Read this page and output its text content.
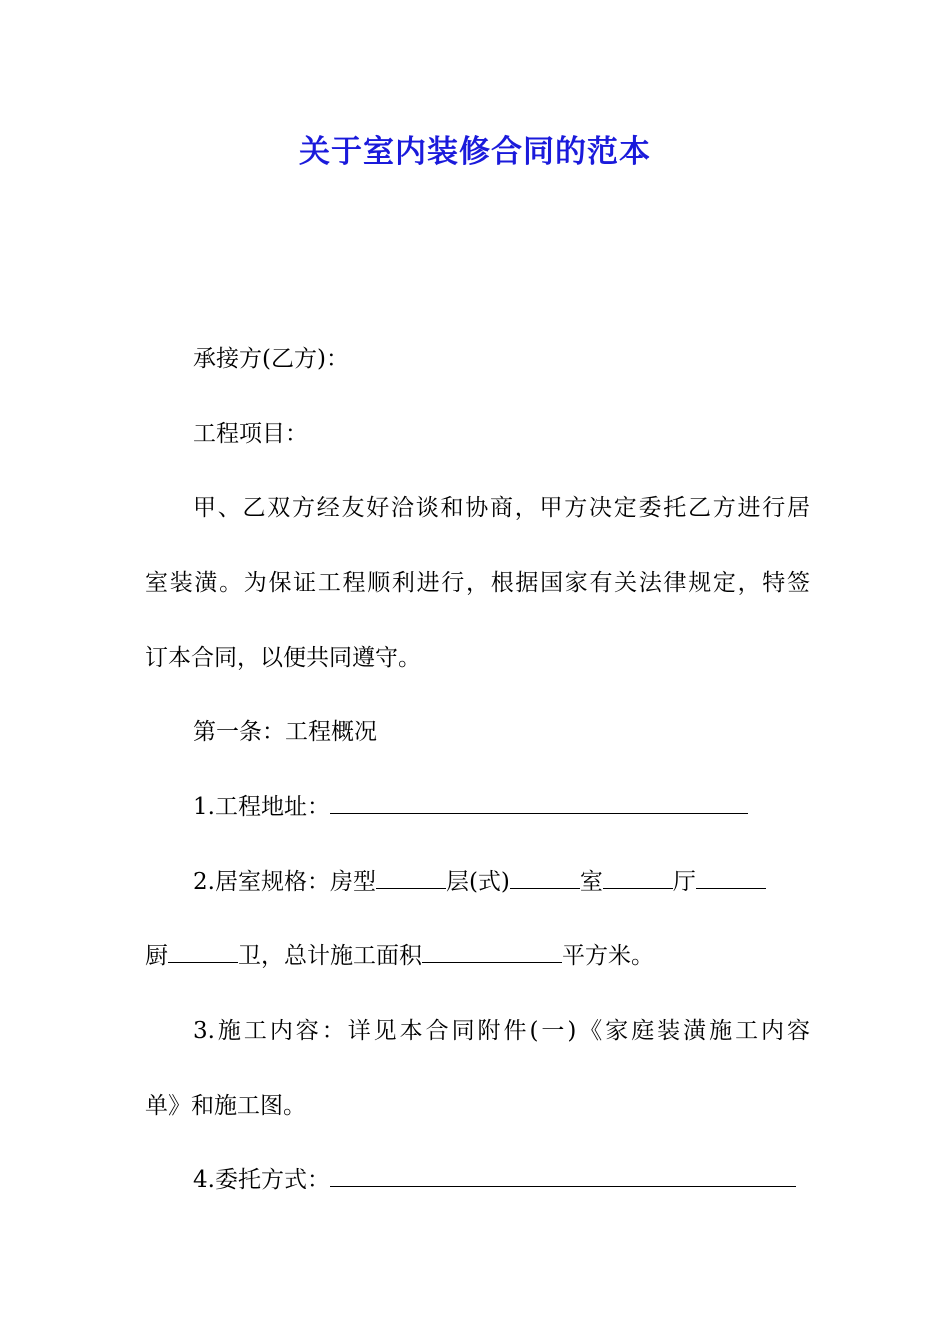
关于室内装修合同的范本
承接方(乙方)：
工程项目：
甲、乙双方经友好洽谈和协商，甲方决定委托乙方进行居
室装潢。为保证工程顺利进行，根据国家有关法律规定，特签
订本合同，以便共同遵守。
第一条：工程概况
1.工程地址：
2.居室规格：房型	层(式)	室	厅
厨	卫，总计施工面积	平方米。
3.施工内容：详见本合同附件(一)《家庭装潢施工内容
单》和施工图。
4.委托方式：
